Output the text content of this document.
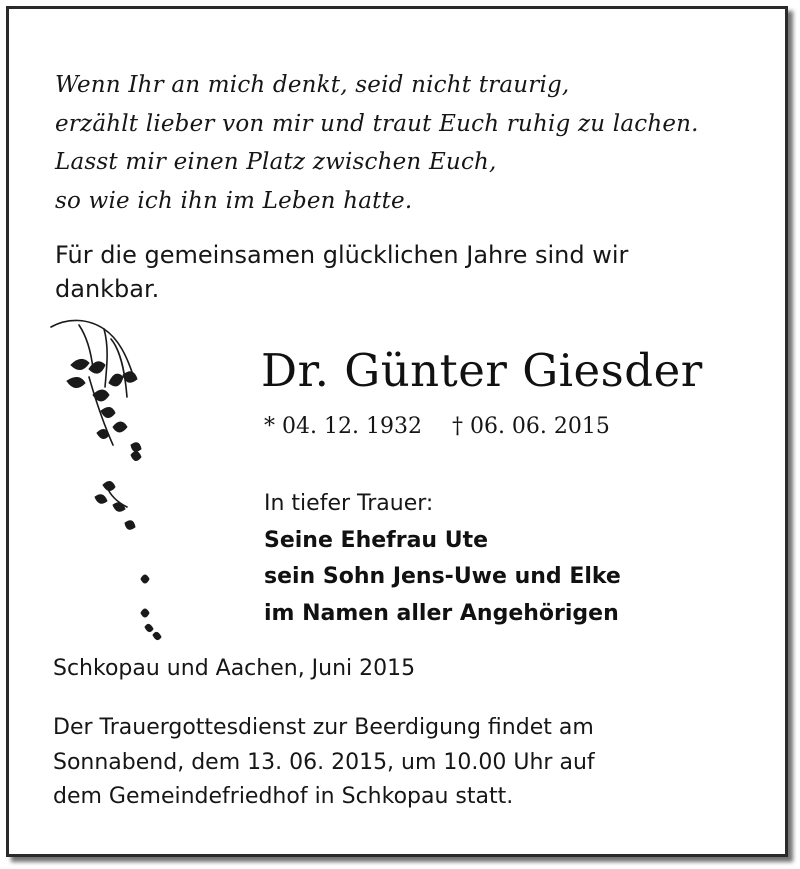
Wenn Ihr an mich denkt, seid nicht traurig,
erzählt lieber von mir und traut Euch ruhig zu lachen.
Lasst mir einen Platz zwischen Euch,
so wie ich ihn im Leben hatte.
Für die gemeinsamen glücklichen Jahre sind wir dankbar.
Dr. Günter Giesder
* 04. 12. 1932 † 06. 06. 2015
In tiefer Trauer:
Seine Ehefrau Ute
sein Sohn Jens-Uwe und Elke
im Namen aller Angehörigen
Schkopau und Aachen, Juni 2015
Der Trauergottesdienst zur Beerdigung findet am
Sonnabend, dem 13. 06. 2015, um 10.00 Uhr auf
dem Gemeindefriedhof in Schkopau statt.
